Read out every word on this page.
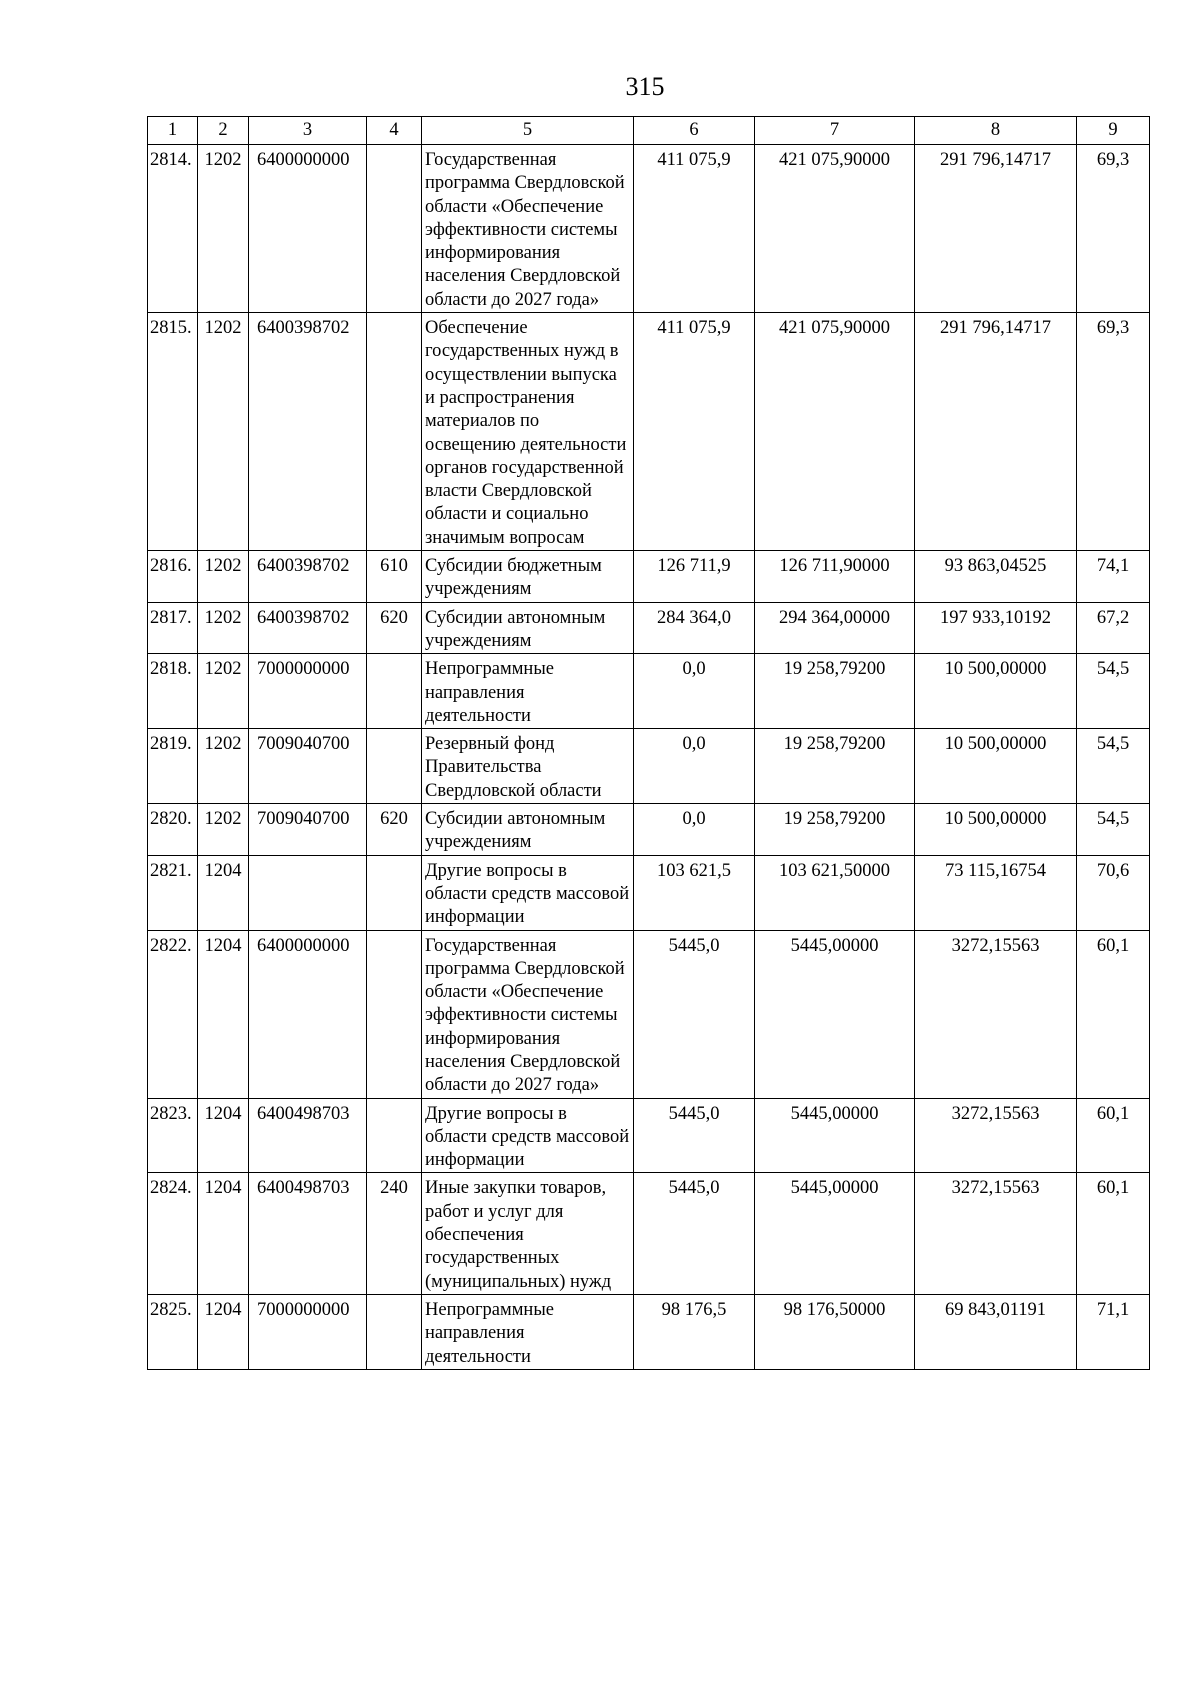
315
1	2	3	4	5	6	7	8	9
2814.	1202	6400000000		Государственная программа Свердловской области «Обеспечение эффективности системы информирования населения Свердловской области до 2027 года»	411 075,9	421 075,90000	291 796,14717	69,3
2815.	1202	6400398702		Обеспечение государственных нужд в осуществлении выпуска и распространения материалов по освещению деятельности органов государственной власти Свердловской области и социально значимым вопросам	411 075,9	421 075,90000	291 796,14717	69,3
2816.	1202	6400398702	610	Субсидии бюджетным учреждениям	126 711,9	126 711,90000	93 863,04525	74,1
2817.	1202	6400398702	620	Субсидии автономным учреждениям	284 364,0	294 364,00000	197 933,10192	67,2
2818.	1202	7000000000		Непрограммные направления деятельности	0,0	19 258,79200	10 500,00000	54,5
2819.	1202	7009040700		Резервный фонд Правительства Свердловской области	0,0	19 258,79200	10 500,00000	54,5
2820.	1202	7009040700	620	Субсидии автономным учреждениям	0,0	19 258,79200	10 500,00000	54,5
2821.	1204			Другие вопросы в области средств массовой информации	103 621,5	103 621,50000	73 115,16754	70,6
2822.	1204	6400000000		Государственная программа Свердловской области «Обеспечение эффективности системы информирования населения Свердловской области до 2027 года»	5445,0	5445,00000	3272,15563	60,1
2823.	1204	6400498703		Другие вопросы в области средств массовой информации	5445,0	5445,00000	3272,15563	60,1
2824.	1204	6400498703	240	Иные закупки товаров, работ и услуг для обеспечения государственных (муниципальных) нужд	5445,0	5445,00000	3272,15563	60,1
2825.	1204	7000000000		Непрограммные направления деятельности	98 176,5	98 176,50000	69 843,01191	71,1
